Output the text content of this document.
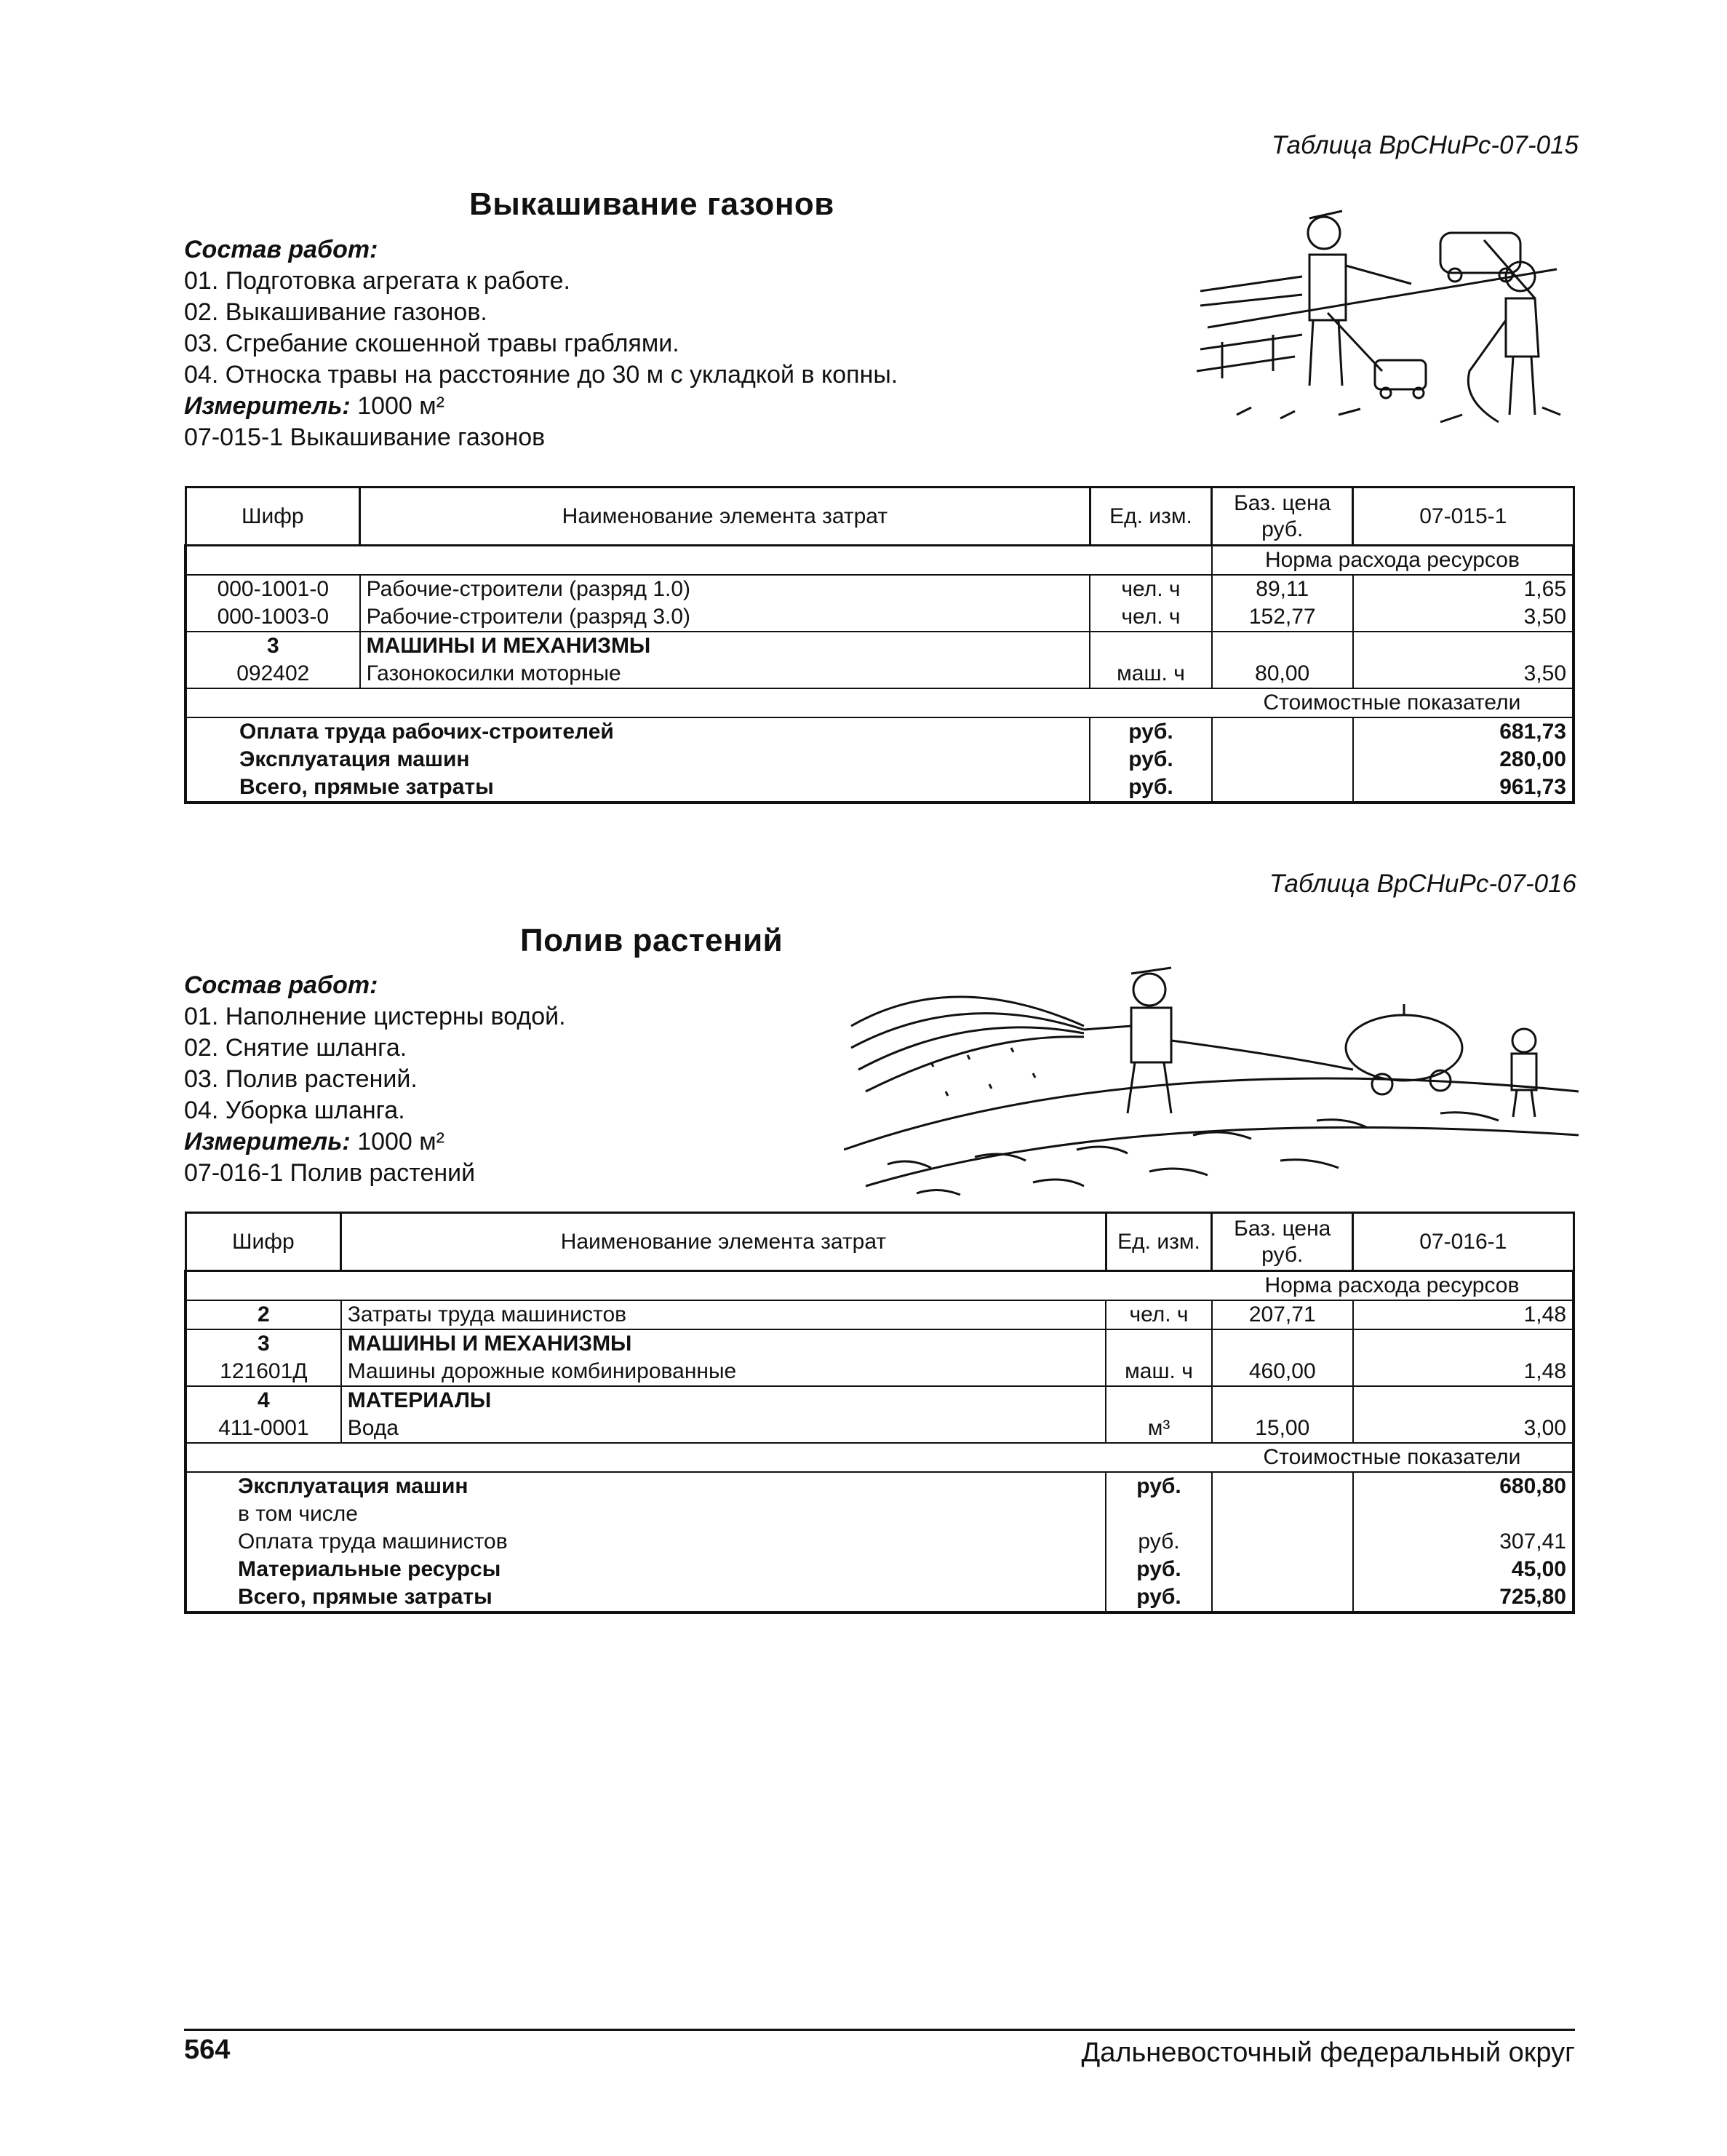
Таблица ВрСНиРс-07-015
Выкашивание газонов
Состав работ:
01. Подготовка агрегата к работе.
02. Выкашивание газонов.
03. Сгребание скошенной травы граблями.
04. Относка травы на расстояние до 30 м с укладкой в копны.
Измеритель: 1000 м²
07-015-1 Выкашивание газонов
Шифр	Наименование элемента затрат	Ед. изм.	Баз. цена руб.	07-015-1
			Норма расхода ресурсов	
000-1001-0	Рабочие-строители (разряд 1.0)	чел. ч	89,11	1,65
000-1003-0	Рабочие-строители (разряд 3.0)	чел. ч	152,77	3,50
3	МАШИНЫ И МЕХАНИЗМЫ			
092402	Газонокосилки моторные	маш. ч	80,00	3,50
			Стоимостные показатели	
Оплата труда рабочих-строителей		руб.		681,73
Эксплуатация машин		руб.		280,00
Всего, прямые затраты		руб.		961,73
Таблица ВрСНиРс-07-016
Полив растений
Состав работ:
01. Наполнение цистерны водой.
02. Снятие шланга.
03. Полив растений.
04. Уборка шланга.
Измеритель: 1000 м²
07-016-1 Полив растений
Шифр	Наименование элемента затрат	Ед. изм.	Баз. цена руб.	07-016-1
			Норма расхода ресурсов	
2	Затраты труда машинистов	чел. ч	207,71	1,48
3	МАШИНЫ И МЕХАНИЗМЫ			
121601Д	Машины дорожные комбинированные	маш. ч	460,00	1,48
4	МАТЕРИАЛЫ			
411-0001	Вода	м³	15,00	3,00
			Стоимостные показатели	
Эксплуатация машин		руб.		680,80
в том числе				
Оплата труда машинистов		руб.		307,41
Материальные ресурсы		руб.		45,00
Всего, прямые затраты		руб.		725,80
564	Дальневосточный федеральный округ
